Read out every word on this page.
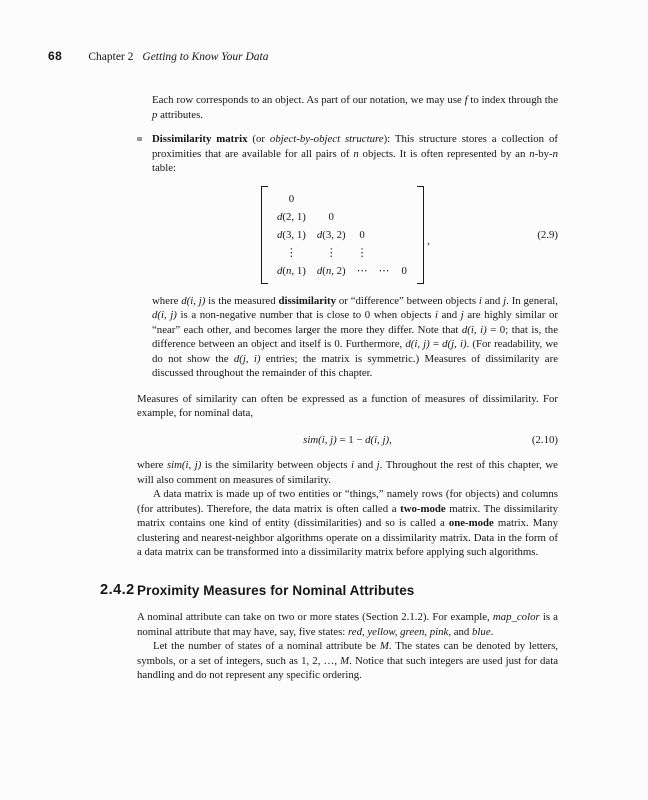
68 Chapter 2 Getting to Know Your Data
Each row corresponds to an object. As part of our notation, we may use f to index through the p attributes.
Dissimilarity matrix (or object-by-object structure): This structure stores a collection of proximities that are available for all pairs of n objects. It is often represented by an n-by-n table:
0
d(2, 1)	0
d(3, 1) d(3, 2) 0
⋮	⋮	⋮
d(n, 1) d(n, 2) ⋯ ⋯ 0
,
(2.9)
where d(i, j) is the measured dissimilarity or “difference” between objects i and j. In general, d(i, j) is a non-negative number that is close to 0 when objects i and j are highly similar or “near” each other, and becomes larger the more they differ. Note that d(i, i) = 0; that is, the difference between an object and itself is 0. Furthermore, d(i, j) = d(j, i). (For readability, we do not show the d(j, i) entries; the matrix is symmetric.) Measures of dissimilarity are discussed throughout the remainder of this chapter.
Measures of similarity can often be expressed as a function of measures of dissimilarity. For example, for nominal data,
sim(i, j) = 1 − d(i, j),	(2.10)
where sim(i, j) is the similarity between objects i and j. Throughout the rest of this chapter, we will also comment on measures of similarity.
A data matrix is made up of two entities or “things,” namely rows (for objects) and columns (for attributes). Therefore, the data matrix is often called a two-mode matrix. The dissimilarity matrix contains one kind of entity (dissimilarities) and so is called a one-mode matrix. Many clustering and nearest-neighbor algorithms operate on a dissimilarity matrix. Data in the form of a data matrix can be transformed into a dissimilarity matrix before applying such algorithms.
2.4.2 Proximity Measures for Nominal Attributes
A nominal attribute can take on two or more states (Section 2.1.2). For example, map_color is a nominal attribute that may have, say, five states: red, yellow, green, pink, and blue.
Let the number of states of a nominal attribute be M. The states can be denoted by letters, symbols, or a set of integers, such as 1, 2, …, M. Notice that such integers are used just for data handling and do not represent any specific ordering.
